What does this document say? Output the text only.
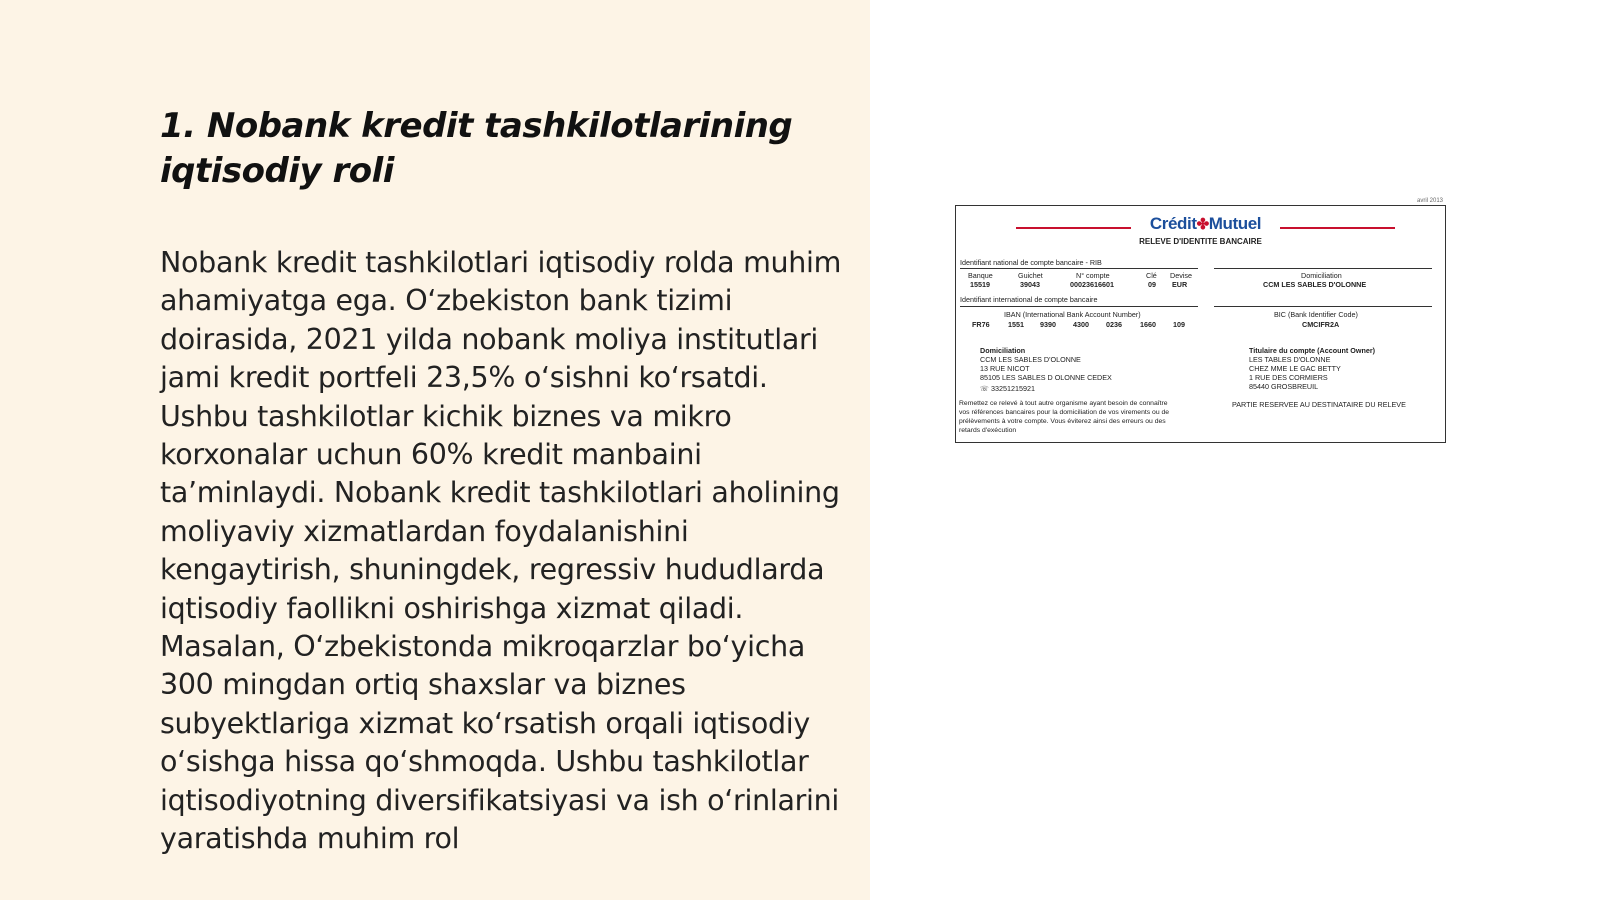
1. Nobank kredit tashkilotlarining iqtisodiy roli

Nobank kredit tashkilotlari iqtisodiy rolda muhim ahamiyatga ega. O‘zbekiston bank tizimi doirasida, 2021 yilda nobank moliya institutlari jami kredit portfeli 23,5% o‘sishni ko‘rsatdi. Ushbu tashkilotlar kichik biznes va mikro korxonalar uchun 60% kredit manbaini ta’minlaydi. Nobank kredit tashkilotlari aholining moliyaviy xizmatlardan foydalanishini kengaytirish, shuningdek, regressiv hududlarda iqtisodiy faollikni oshirishga xizmat qiladi. Masalan, O‘zbekistonda mikroqarzlar bo‘yicha 300 mingdan ortiq shaxslar va biznes subyektlariga xizmat ko‘rsatish orqali iqtisodiy o‘sishga hissa qo‘shmoqda. Ushbu tashkilotlar iqtisodiyotning diversifikatsiyasi va ish o‘rinlarini yaratishda muhim rol

avril 2013
Crédit✤Mutuel
RELEVE D'IDENTITE BANCAIRE
Identifiant national de compte bancaire - RIB
Banque	Guichet	N° compte	Clé Devise
15519	39043	00023616601	09 EUR
Domiciliation
CCM LES SABLES D'OLONNE
Identifiant international de compte bancaire
IBAN (International Bank Account Number)
FR76	1551 9390 4300 0236	1660 109
BIC (Bank Identifier Code)
CMCIFR2A
Domiciliation
CCM LES SABLES D'OLONNE
13 RUE NICOT
85105 LES SABLES D OLONNE CEDEX
☏ 33251215921
Titulaire du compte (Account Owner)
LES TABLES D'OLONNE
CHEZ MME LE GAC BETTY
1 RUE DES CORMIERS
85440 GROSBREUIL
Remettez ce relevé à tout autre organisme ayant besoin de connaître
vos références bancaires pour la domiciliation de vos virements ou de
prélèvements à votre compte. Vous éviterez ainsi des erreurs ou des
retards d'exécution
PARTIE RESERVEE AU DESTINATAIRE DU RELEVE
